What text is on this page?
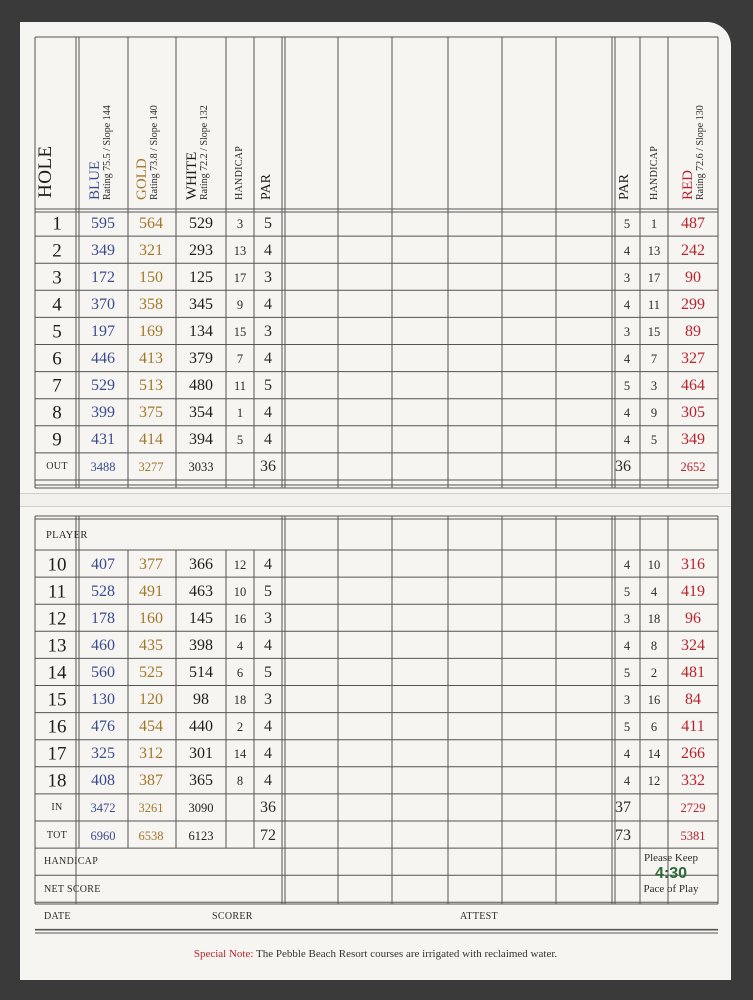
HOLE BLUE Rating 75.5 / Slope 144 GOLD Rating 73.8 / Slope 140 WHITE Rating 72.2 / Slope 132 HANDICAP PAR	PAR HANDICAP RED Rating 72.6 / Slope 130
1 595 564 529 3 5	5 1 487
2 349 321 293 13 4	4 13 242
3 172 150 125 17 3	3 17 90
4 370 358 345 9 4	4 11 299
5 197 169 134 15 3	3 15 89
6 446 413 379 7 4	4 7 327
7 529 513 480 11 5	5 3 464
8 399 375 354 1 4	4 9 305
9 431 414 394 5 4	4 5 349
OUT 3488 3277 3033	36	36	2652
10 407 377 366 12 4	4 10 316
11 528 491 463 10 5	5 4 419
12 178 160 145 16 3	3 18 96
13 460 435 398 4 4	4 8 324
14 560 525 514 6 5	5 2 481
15 130 120 98 18 3	3 16 84
16 476 454 440 2 4	5 6 411
17 325 312 301 14 4	4 14 266
18 408 387 365 8 4	4 12 332
IN 3472 3261 3090	36	37	2729
TOT 6960 6538 6123	72	73	5381
PLAYER
HANDICAP
NET SCORE
DATE	SCORER	ATTEST
Please Keep
4:30
Pace of Play
Special Note: The Pebble Beach Resort courses are irrigated with reclaimed water.
